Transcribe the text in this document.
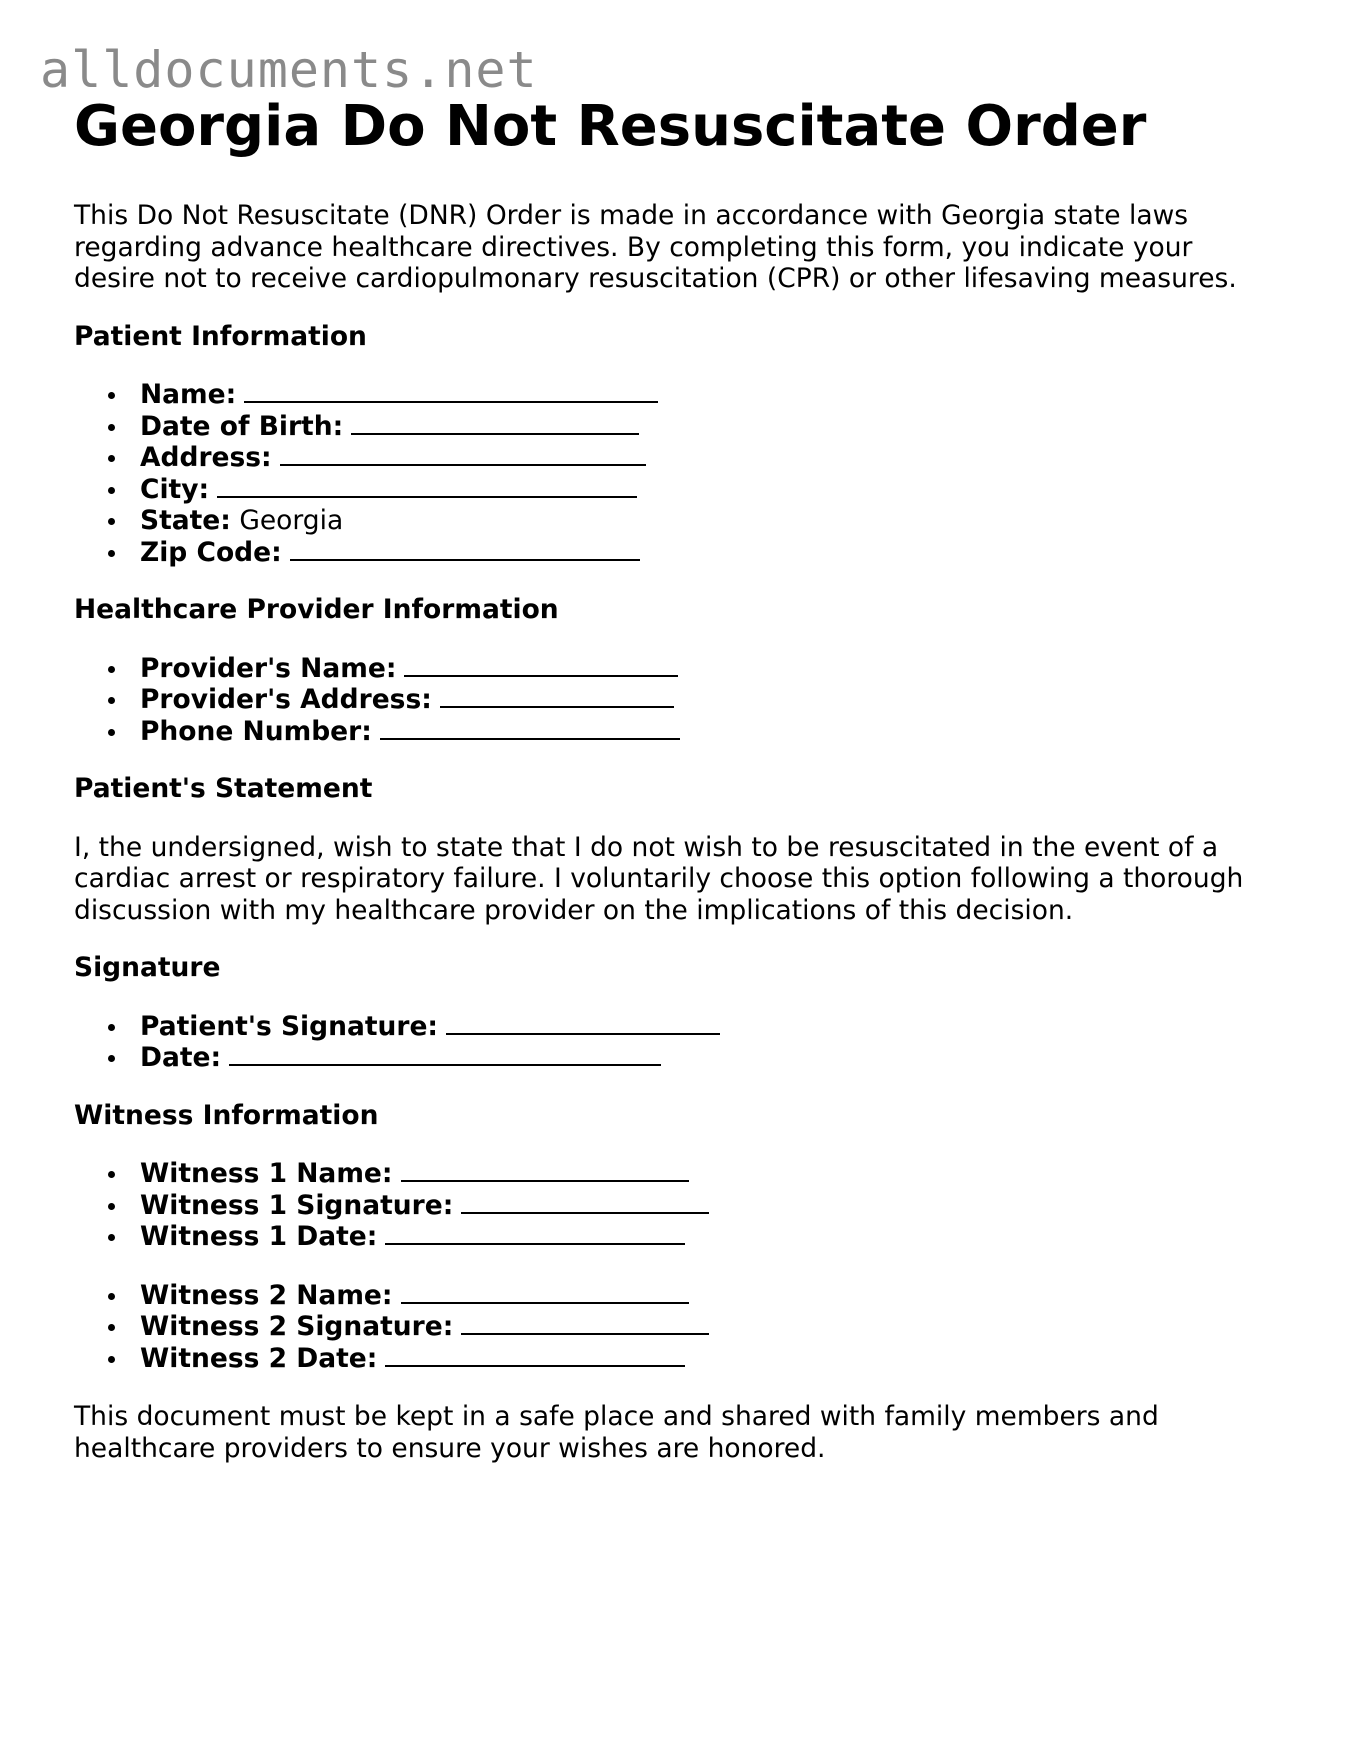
alldocuments.net
Georgia Do Not Resuscitate Order

This Do Not Resuscitate (DNR) Order is made in accordance with Georgia state laws regarding advance healthcare directives. By completing this form, you indicate your desire not to receive cardiopulmonary resuscitation (CPR) or other lifesaving measures.

Patient Information
Name:
Date of Birth:
Address:
City:
State: Georgia
Zip Code:
Healthcare Provider Information
Provider's Name:
Provider's Address:
Phone Number:
Patient's Statement

I, the undersigned, wish to state that I do not wish to be resuscitated in the event of a cardiac arrest or respiratory failure. I voluntarily choose this option following a thorough discussion with my healthcare provider on the implications of this decision.

Signature
Patient's Signature:
Date:
Witness Information
Witness 1 Name:
Witness 1 Signature:
Witness 1 Date:
Witness 2 Name:
Witness 2 Signature:
Witness 2 Date:

This document must be kept in a safe place and shared with family members and healthcare providers to ensure your wishes are honored.
